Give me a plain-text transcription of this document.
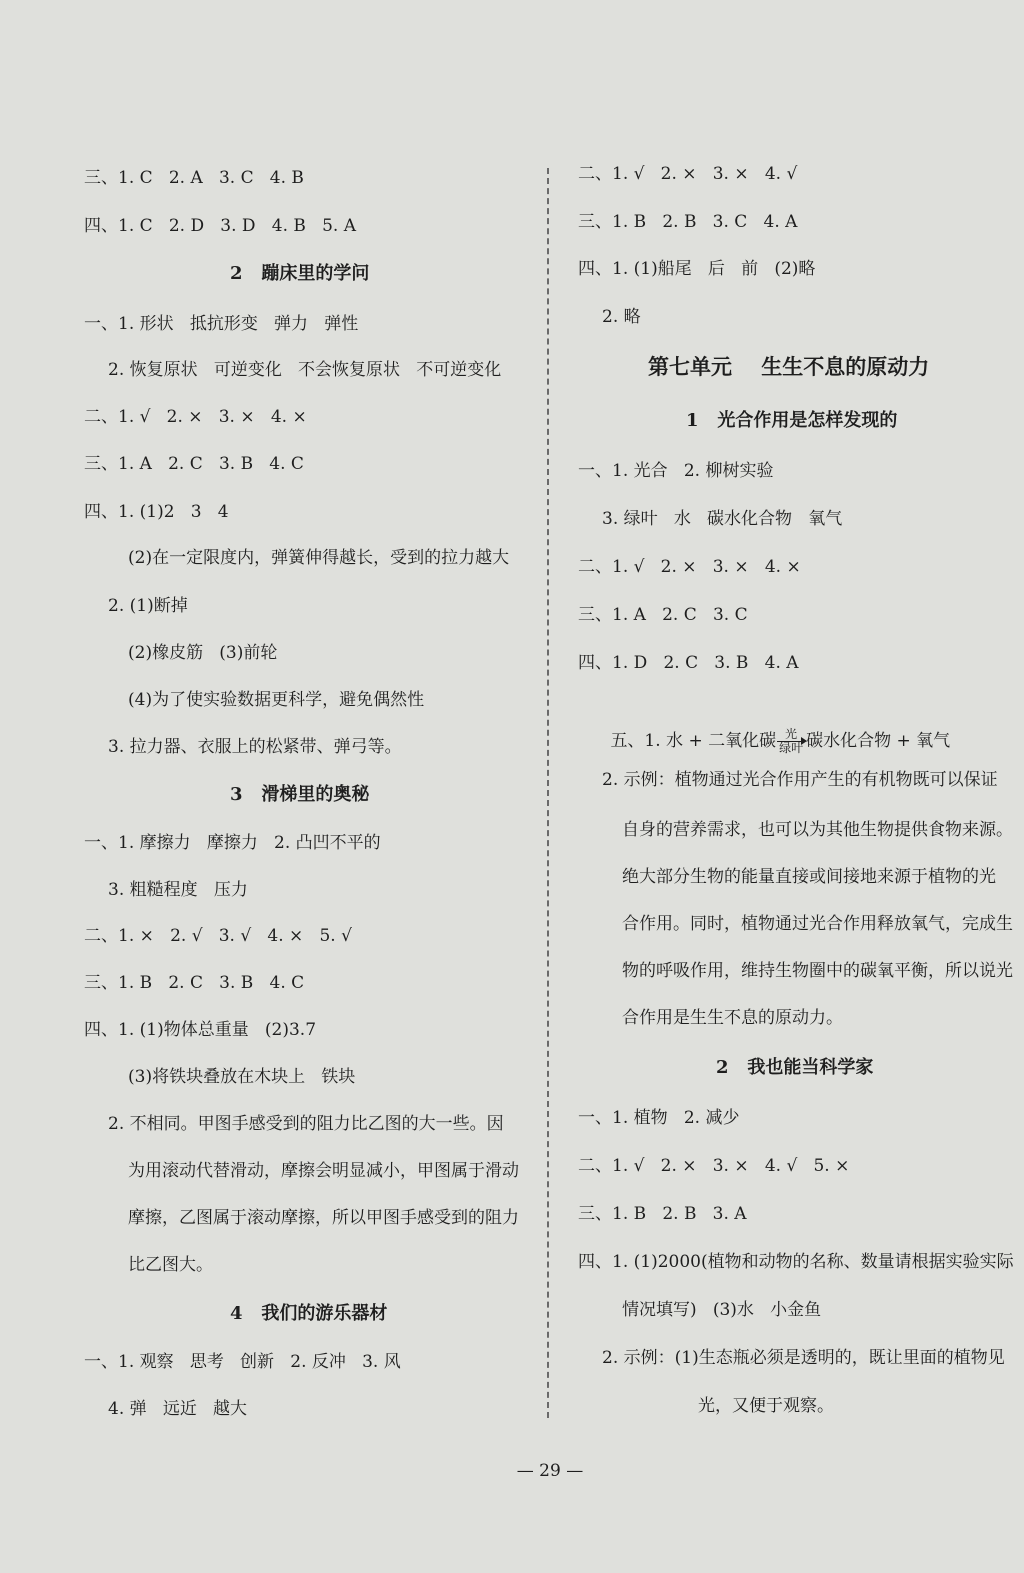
三、1. C   2. A   3. C   4. B
四、1. C   2. D   3. D   4. B   5. A
2   蹦床里的学问
一、1. 形状   抵抗形变   弹力   弹性
2. 恢复原状   可逆变化   不会恢复原状   不可逆变化
二、1. √   2. ×   3. ×   4. ×
三、1. A   2. C   3. B   4. C
四、1. (1)2   3   4
(2)在一定限度内，弹簧伸得越长，受到的拉力越大
2. (1)断掉
(2)橡皮筋   (3)前轮
(4)为了使实验数据更科学，避免偶然性
3. 拉力器、衣服上的松紧带、弹弓等。
3   滑梯里的奥秘
一、1. 摩擦力   摩擦力   2. 凸凹不平的
3. 粗糙程度   压力
二、1. ×   2. √   3. √   4. ×   5. √
三、1. B   2. C   3. B   4. C
四、1. (1)物体总重量   (2)3.7
(3)将铁块叠放在木块上   铁块
2. 不相同。甲图手感受到的阻力比乙图的大一些。因
为用滚动代替滑动，摩擦会明显减小，甲图属于滑动
摩擦，乙图属于滚动摩擦，所以甲图手感受到的阻力
比乙图大。
4   我们的游乐器材
一、1. 观察   思考   创新   2. 反冲   3. 风
4. 弹   远近   越大
二、1. √   2. ×   3. ×   4. √
三、1. B   2. B   3. C   4. A
四、1. (1)船尾   后   前   (2)略
2. 略
第七单元    生生不息的原动力
1   光合作用是怎样发现的
一、1. 光合   2. 柳树实验
3. 绿叶   水   碳水化合物   氧气
二、1. √   2. ×   3. ×   4. ×
三、1. A   2. C   3. C
四、1. D   2. C   3. B   4. A

五、1. 水 + 二氧化碳 $\frac{\text{光}}{\text{绿叶}}$ 碳水化合物 + 氧气

2. 示例：植物通过光合作用产生的有机物既可以保证
自身的营养需求，也可以为其他生物提供食物来源。
绝大部分生物的能量直接或间接地来源于植物的光
合作用。同时，植物通过光合作用释放氧气，完成生
物的呼吸作用，维持生物圈中的碳氧平衡，所以说光
合作用是生生不息的原动力。
2   我也能当科学家
一、1. 植物   2. 减少
二、1. √   2. ×   3. ×   4. √   5. ×
三、1. B   2. B   3. A
四、1. (1)2000(植物和动物的名称、数量请根据实验实际
情况填写)   (3)水   小金鱼
2. 示例：(1)生态瓶必须是透明的，既让里面的植物见
光，又便于观察。
— 29 —
